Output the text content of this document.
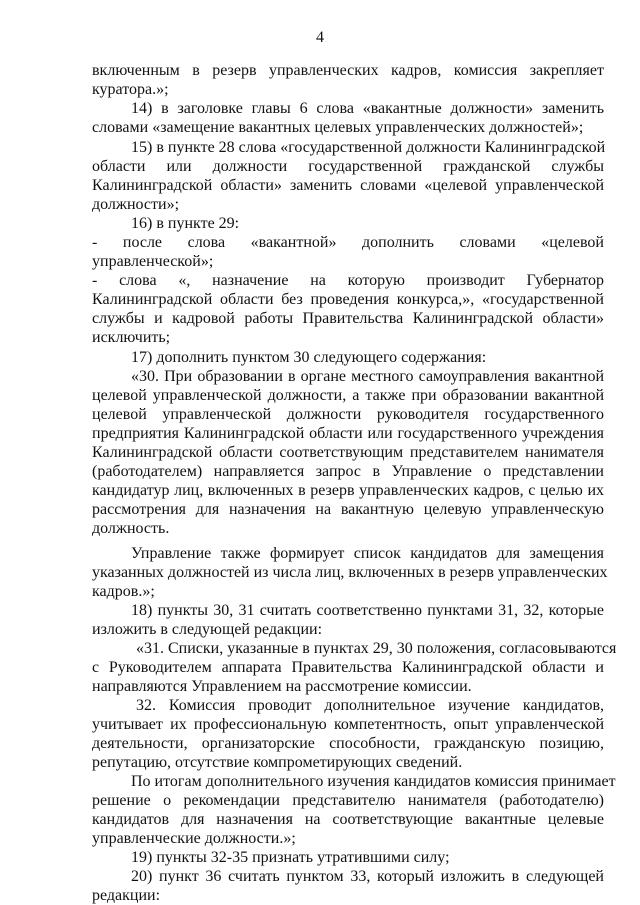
4
включенным в резерв управленческих кадров, комиссия закрепляет
куратора.»;
14) в заголовке главы 6 слова «вакантные должности» заменить
словами «замещение вакантных целевых управленческих должностей»;
15) в пункте 28 слова «государственной должности Калининградской
области или должности государственной гражданской службы
Калининградской области» заменить словами «целевой управленческой
должности»;
16) в пункте 29:
- после слова «вакантной» дополнить словами «целевой
управленческой»;
- слова «, назначение на которую производит Губернатор
Калининградской области без проведения конкурса,», «государственной
службы и кадровой работы Правительства Калининградской области»
исключить;
17) дополнить пунктом 30 следующего содержания:
«30. При образовании в органе местного самоуправления вакантной
целевой управленческой должности, а также при образовании вакантной
целевой управленческой должности руководителя государственного
предприятия Калининградской области или государственного учреждения
Калининградской области соответствующим представителем нанимателя
(работодателем) направляется запрос в Управление о представлении
кандидатур лиц, включенных в резерв управленческих кадров, с целью их
рассмотрения для назначения на вакантную целевую управленческую
должность.
Управление также формирует список кандидатов для замещения
указанных должностей из числа лиц, включенных в резерв управленческих
кадров.»;
18) пункты 30, 31 считать соответственно пунктами 31, 32, которые
изложить в следующей редакции:
«31. Списки, указанные в пунктах 29, 30 положения, согласовываются
с Руководителем аппарата Правительства Калининградской области и
направляются Управлением на рассмотрение комиссии.
32. Комиссия проводит дополнительное изучение кандидатов,
учитывает их профессиональную компетентность, опыт управленческой
деятельности, организаторские способности, гражданскую позицию,
репутацию, отсутствие компрометирующих сведений.
По итогам дополнительного изучения кандидатов комиссия принимает
решение о рекомендации представителю нанимателя (работодателю)
кандидатов для назначения на соответствующие вакантные целевые
управленческие должности.»;
19) пункты 32-35 признать утратившими силу;
20) пункт 36 считать пунктом 33, который изложить в следующей
редакции:
